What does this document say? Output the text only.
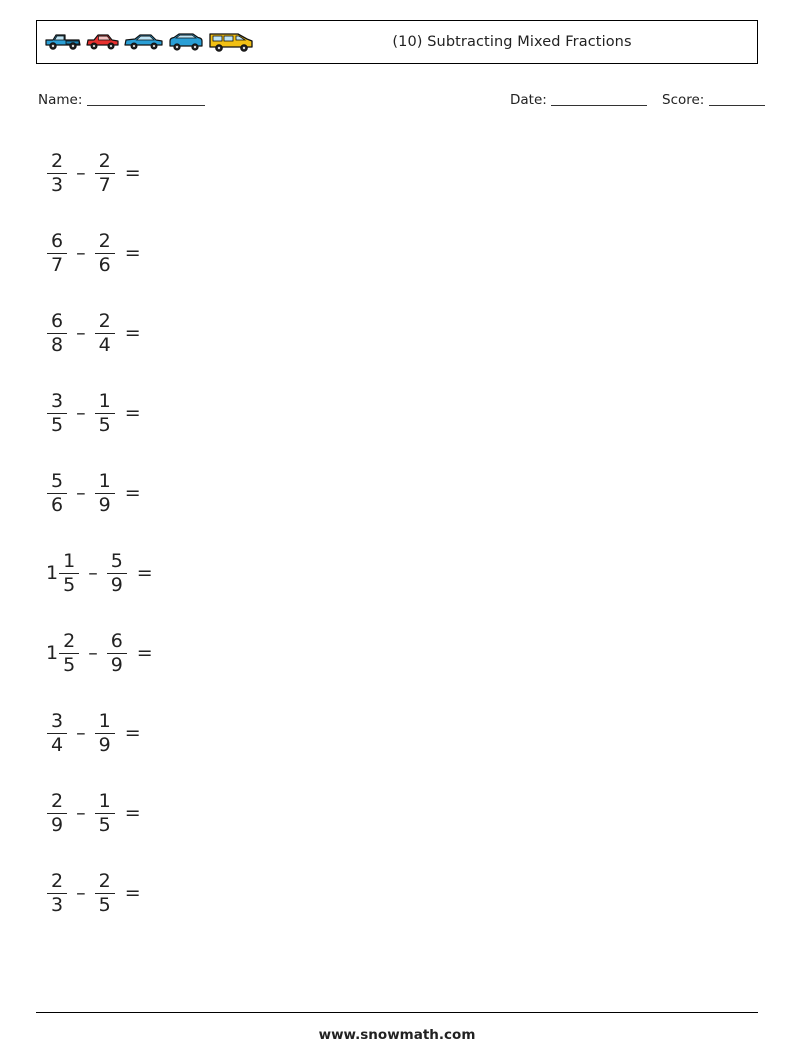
(10) Subtracting Mixed Fractions
Name:	Date:	Score:
$\frac{2}{3} - \frac{2}{7}$ =
$\frac{6}{7} - \frac{2}{6}$ =
$\frac{6}{8} - \frac{2}{4}$ =
$\frac{3}{5} - \frac{1}{5}$ =
$\frac{5}{6} - \frac{1}{9}$ =
$1 \frac{1}{5} - \frac{5}{9}$ =
$1 \frac{2}{5} - \frac{6}{9}$ =
$\frac{3}{4} - \frac{1}{9}$ =
$\frac{2}{9} - \frac{1}{5}$ =
$\frac{2}{3} - \frac{2}{5}$ =
www.snowmath.com
